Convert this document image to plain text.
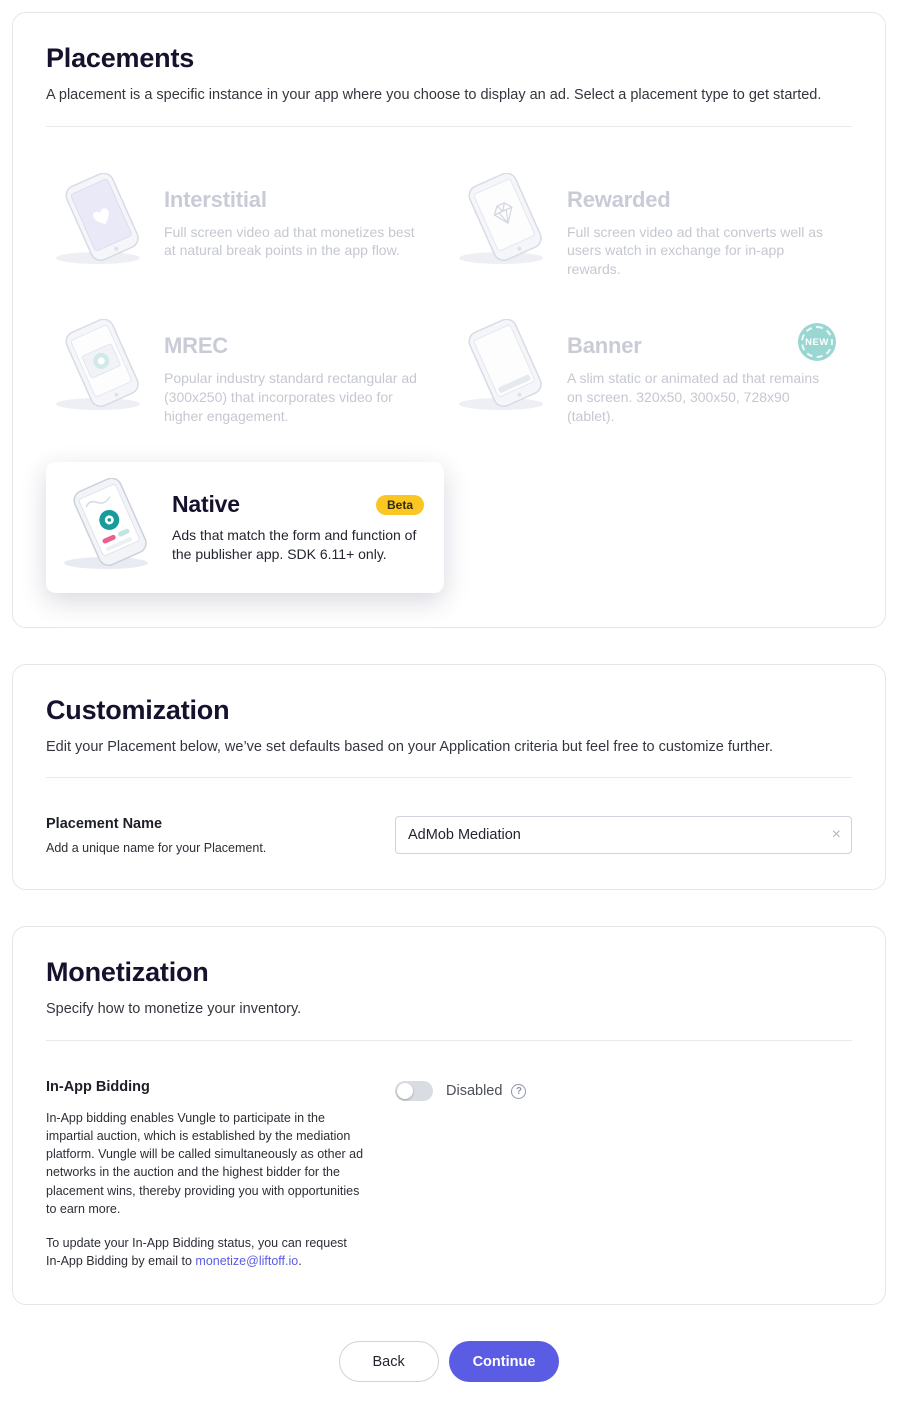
Placements

A placement is a specific instance in your app where you choose to display an ad. Select a placement type to get started.

Interstitial
Full screen video ad that monetizes best at natural break points in the app flow.
Rewarded
Full screen video ad that converts well as users watch in exchange for in-app rewards.
MREC
Popular industry standard rectangular ad (300x250) that incorporates video for higher engagement.
Banner
A slim static or animated ad that remains on screen. 320x50, 300x50, 728x90 (tablet).
NEW
Native	Beta
Ads that match the form and function of the publisher app. SDK 6.11+ only.
Customization

Edit your Placement below, we’ve set defaults based on your Application criteria but feel free to customize further.

Placement Name
Add a unique name for your Placement.
AdMob Mediation
×
Monetization

Specify how to monetize your inventory.

In-App Bidding

In-App bidding enables Vungle to participate in the impartial auction, which is established by the mediation platform. Vungle will be called simultaneously as other ad networks in the auction and the highest bidder for the placement wins, thereby providing you with opportunities to earn more.

To update your In-App Bidding status, you can request In-App Bidding by email to monetize@liftoff.io.

Disabled	?
Back	Continue
